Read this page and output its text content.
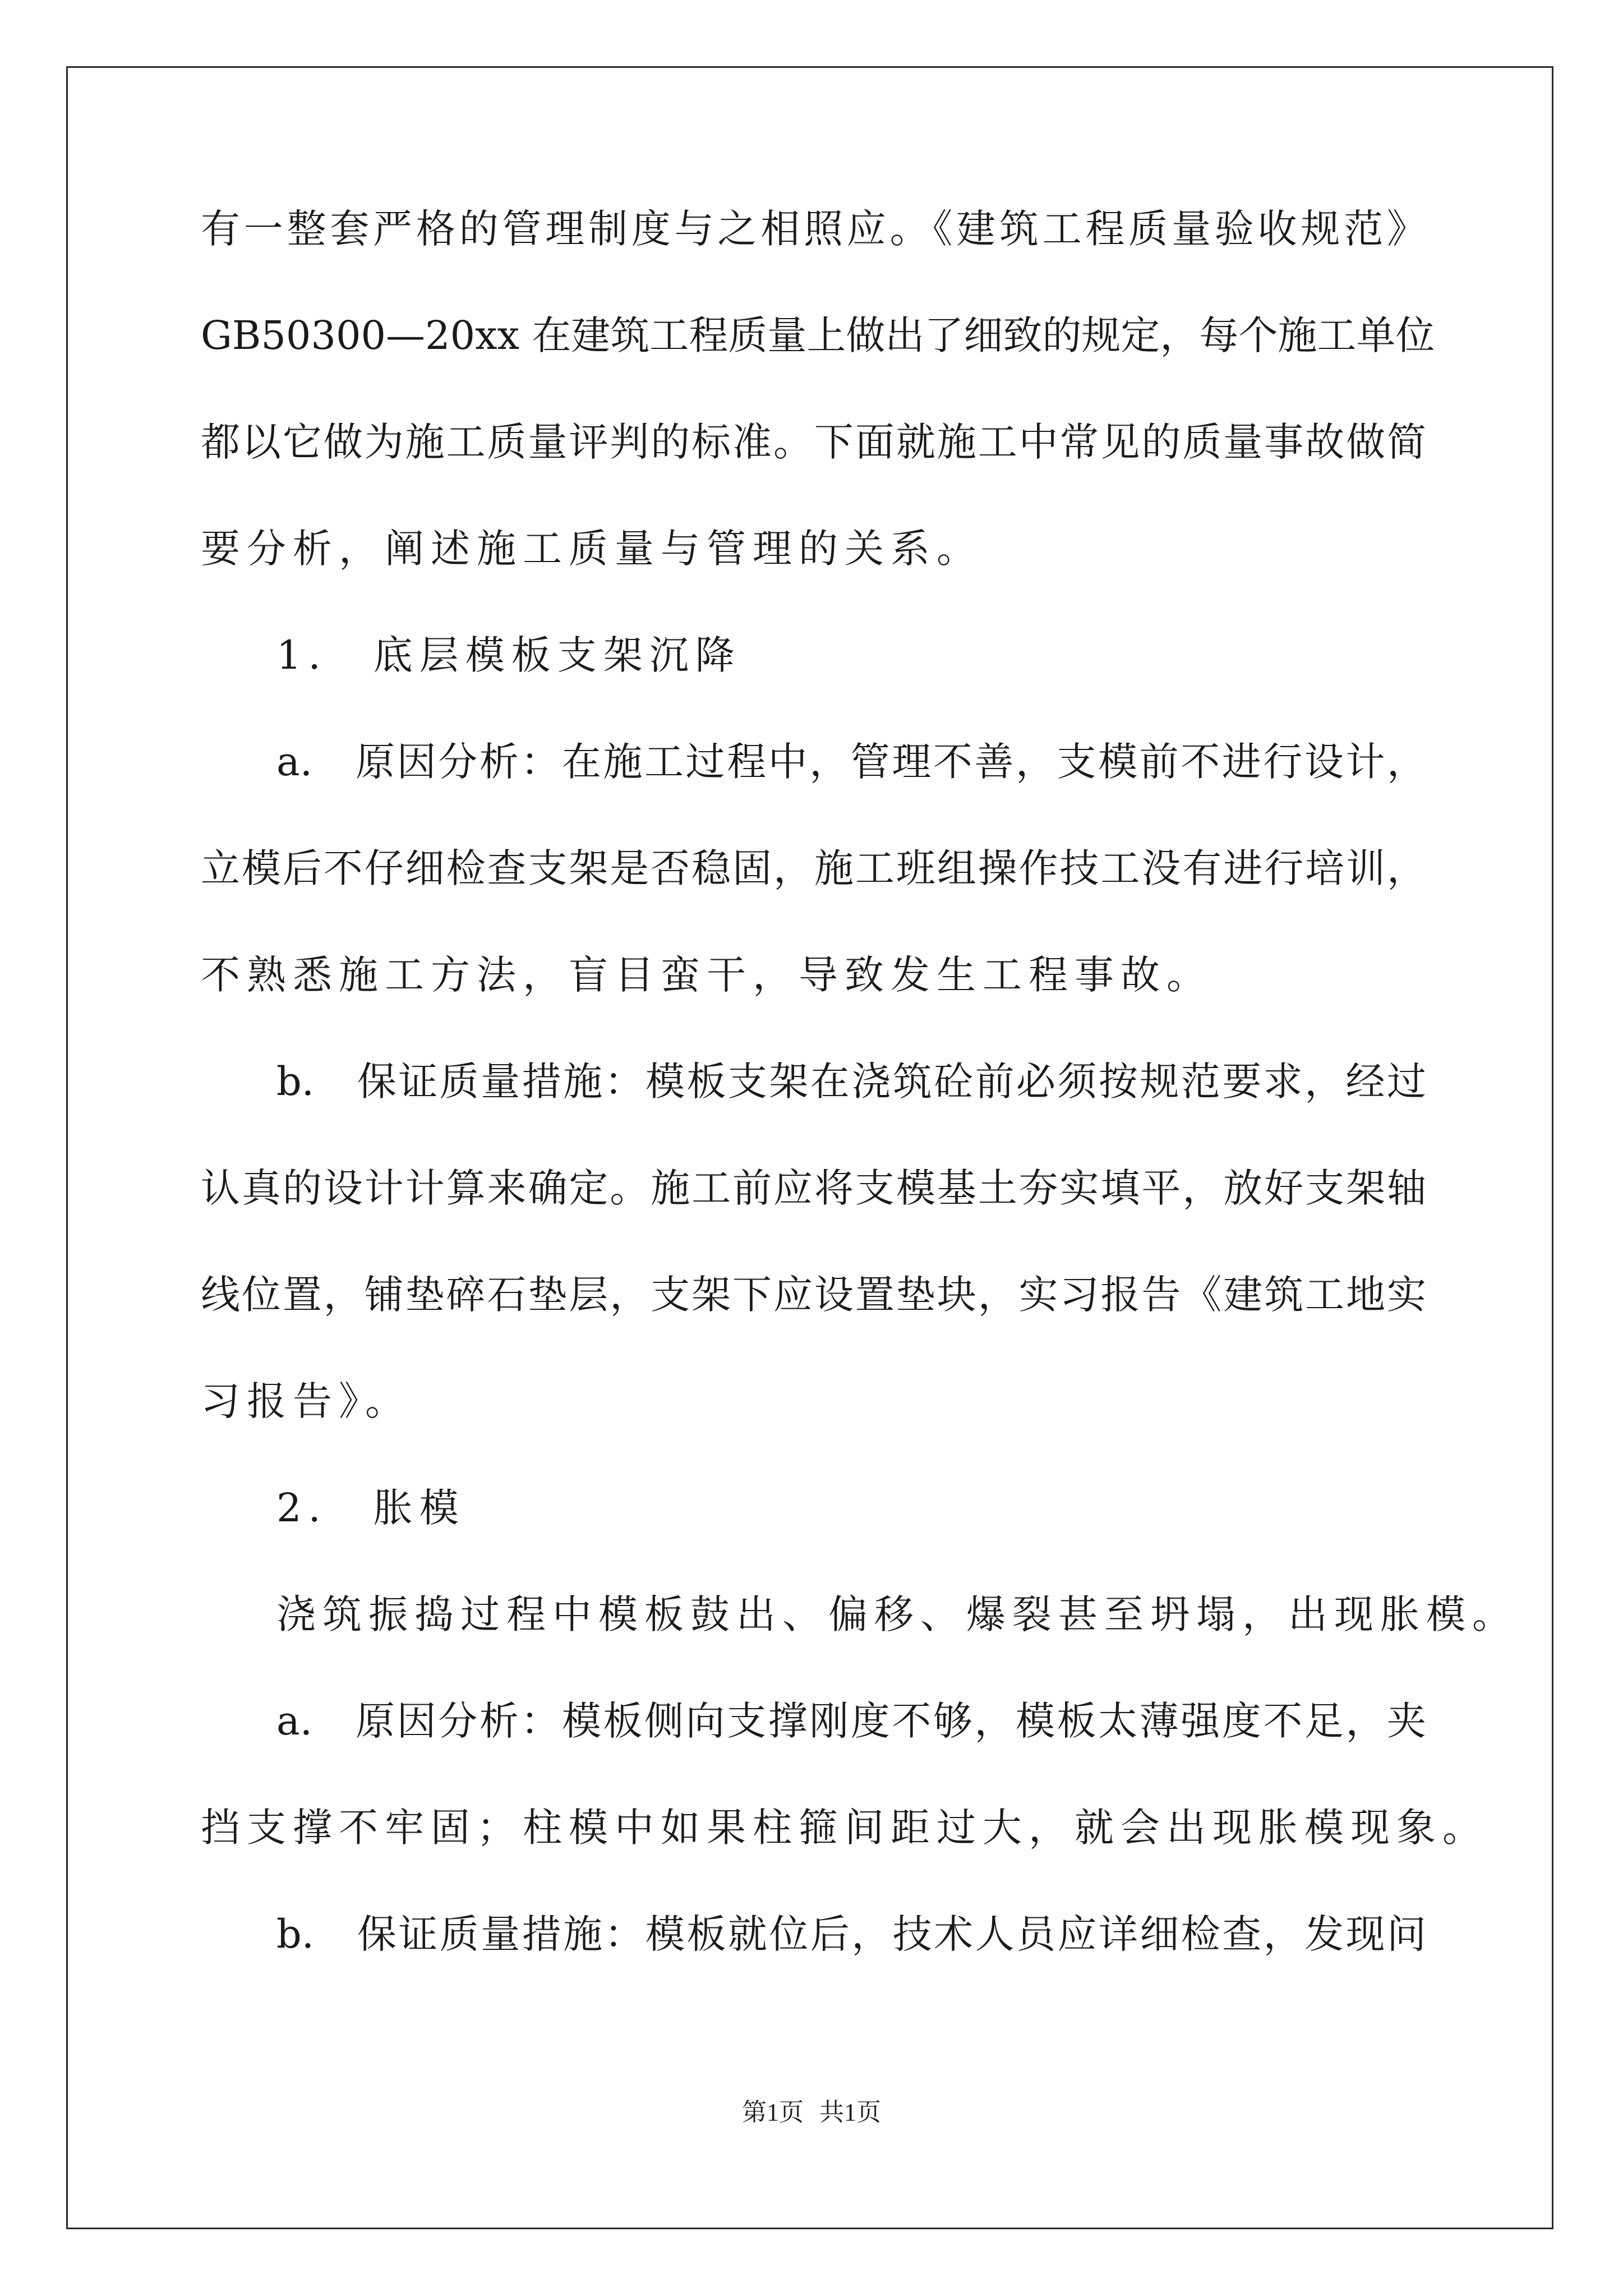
有一整套严格的管理制度与之相照应。《建筑工程质量验收规范》
GB50300—20xx 在建筑工程质量上做出了细致的规定，每个施工单位
都以它做为施工质量评判的标准。下面就施工中常见的质量事故做简
要分析，阐述施工质量与管理的关系。
1.　底层模板支架沉降
a.　原因分析：在施工过程中，管理不善，支模前不进行设计，
立模后不仔细检查支架是否稳固，施工班组操作技工没有进行培训，
不熟悉施工方法，盲目蛮干，导致发生工程事故。
b.　保证质量措施：模板支架在浇筑砼前必须按规范要求，经过
认真的设计计算来确定。施工前应将支模基土夯实填平，放好支架轴
线位置，铺垫碎石垫层，支架下应设置垫块，实习报告《建筑工地实
习报告》。
2.　胀模
浇筑振捣过程中模板鼓出、偏移、爆裂甚至坍塌，出现胀模。
a.　原因分析：模板侧向支撑刚度不够，模板太薄强度不足，夹
挡支撑不牢固；柱模中如果柱箍间距过大，就会出现胀模现象。
b.　保证质量措施：模板就位后，技术人员应详细检查，发现问
第1页 共1页
